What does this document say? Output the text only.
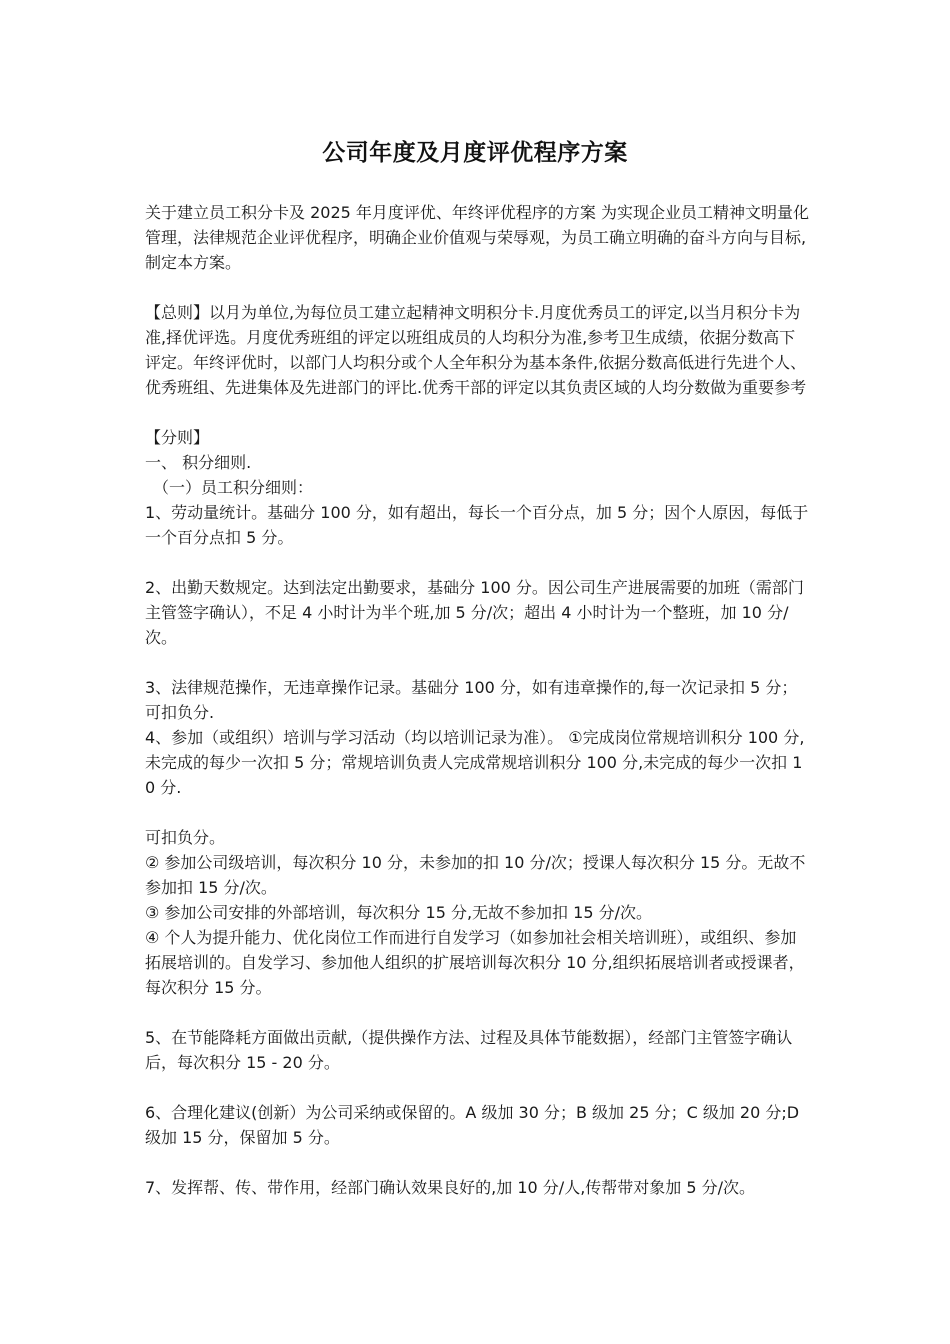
公司年度及月度评优程序方案

关于建立员工积分卡及 2025 年月度评优、年终评优程序的方案 为实现企业员工精神文明量化管理，法律规范企业评优程序，明确企业价值观与荣辱观，为员工确立明确的奋斗方向与目标,制定本方案。

【总则】以月为单位,为每位员工建立起精神文明积分卡.月度优秀员工的评定,以当月积分卡为准,择优评选。月度优秀班组的评定以班组成员的人均积分为准,参考卫生成绩，依据分数高下评定。年终评优时，以部门人均积分或个人全年积分为基本条件,依据分数高低进行先进个人、优秀班组、先进集体及先进部门的评比.优秀干部的评定以其负责区域的人均分数做为重要参考

【分则】

一、 积分细则.

（一）员工积分细则：

1、劳动量统计。基础分 100 分，如有超出，每长一个百分点，加 5 分；因个人原因，每低于一个百分点扣 5 分。

2、出勤天数规定。达到法定出勤要求，基础分 100 分。因公司生产进展需要的加班（需部门主管签字确认），不足 4 小时计为半个班,加 5 分/次；超出 4 小时计为一个整班，加 10 分/次。

3、法律规范操作，无违章操作记录。基础分 100 分，如有违章操作的,每一次记录扣 5 分；可扣负分.

4、参加（或组织）培训与学习活动（均以培训记录为准）。 ①完成岗位常规培训积分 100 分,未完成的每少一次扣 5 分；常规培训负责人完成常规培训积分 100 分,未完成的每少一次扣 10 分.

可扣负分。

② 参加公司级培训，每次积分 10 分，未参加的扣 10 分/次；授课人每次积分 15 分。无故不参加扣 15 分/次。

③ 参加公司安排的外部培训，每次积分 15 分,无故不参加扣 15 分/次。

④ 个人为提升能力、优化岗位工作而进行自发学习（如参加社会相关培训班），或组织、参加拓展培训的。自发学习、参加他人组织的扩展培训每次积分 10 分,组织拓展培训者或授课者，每次积分 15 分。

5、在节能降耗方面做出贡献,（提供操作方法、过程及具体节能数据），经部门主管签字确认后，每次积分 15 - 20 分。

6、合理化建议(创新）为公司采纳或保留的。A 级加 30 分；B 级加 25 分；C 级加 20 分;D 级加 15 分，保留加 5 分。

7、发挥帮、传、带作用，经部门确认效果良好的,加 10 分/人,传帮带对象加 5 分/次。
